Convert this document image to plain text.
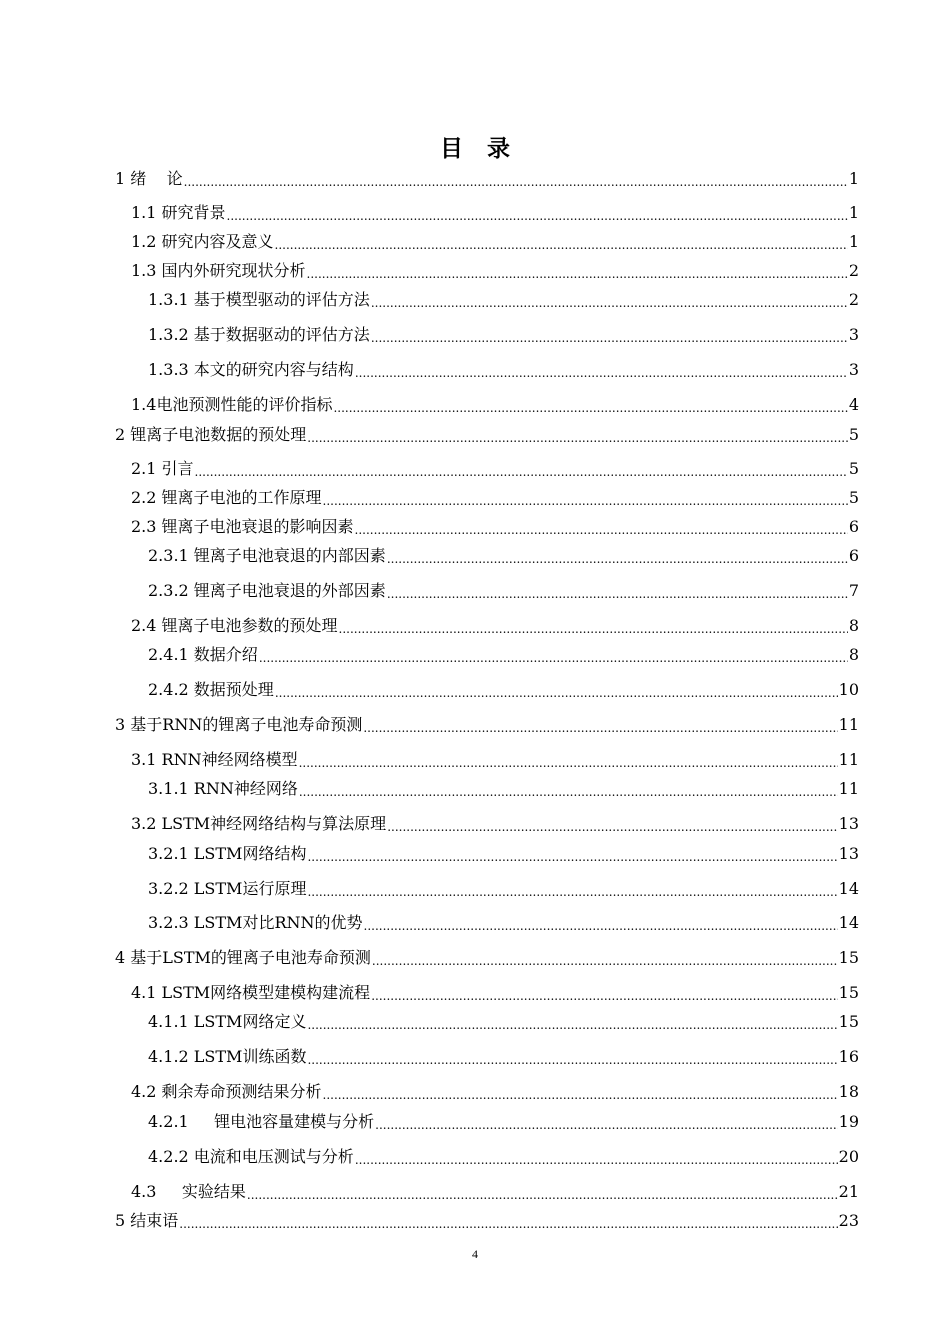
目录
1 绪    论 .....	1
1.1 研究背景 .....	1
1.2 研究内容及意义 .....	1
1.3 国内外研究现状分析 .....	2
1.3.1 基于模型驱动的评估方法 .....	2
1.3.2 基于数据驱动的评估方法 .....	3
1.3.3 本文的研究内容与结构 .....	3
1.4电池预测性能的评价指标 .....	4
2 锂离子电池数据的预处理 .....	5
2.1 引言 .....	5
2.2 锂离子电池的工作原理 .....	5
2.3 锂离子电池衰退的影响因素 .....	6
2.3.1 锂离子电池衰退的内部因素 .....	6
2.3.2 锂离子电池衰退的外部因素 .....	7
2.4 锂离子电池参数的预处理 .....	8
2.4.1 数据介绍 .....	8
2.4.2 数据预处理 .....	10
3 基于RNN的锂离子电池寿命预测 .....	11
3.1 RNN神经网络模型 .....	11
3.1.1 RNN神经网络 .....	11
3.2 LSTM神经网络结构与算法原理 .....	13
3.2.1 LSTM网络结构 .....	13
3.2.2 LSTM运行原理 .....	14
3.2.3 LSTM对比RNN的优势 .....	14
4 基于LSTM的锂离子电池寿命预测 .....	15
4.1 LSTM网络模型建模构建流程 .....	15
4.1.1 LSTM网络定义 .....	15
4.1.2 LSTM训练函数 .....	16
4.2 剩余寿命预测结果分析 .....	18
4.2.1     锂电池容量建模与分析 .....	19
4.2.2 电流和电压测试与分析 .....	20
4.3     实验结果 .....	21
5 结束语 .....	23
4
